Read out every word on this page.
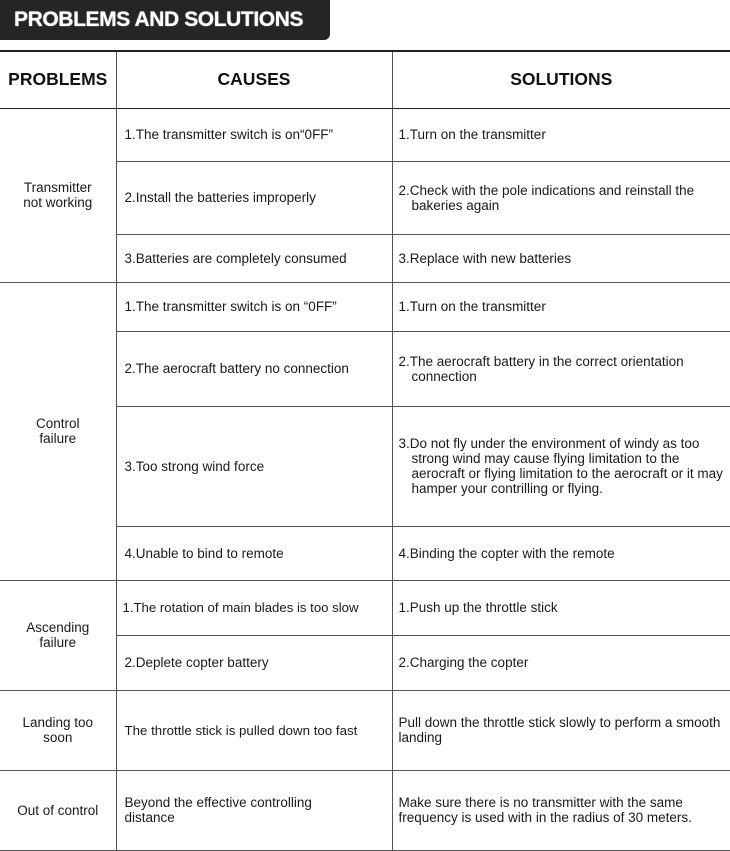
PROBLEMS AND SOLUTIONS
PROBLEMS	CAUSES	SOLUTIONS
Transmitter not working	1.The transmitter switch is on“0FF”	1.Turn on the transmitter

	2.Install the batteries improperly	2.Check with the pole indications and reinstall the bakeries again

	3.Batteries are completely consumed	3.Replace with new batteries

Control failure	1.The transmitter switch is on “0FF”	1.Turn on the transmitter

	2.The aerocraft battery no connection	2.The aerocraft battery in the correct orientation connection

	3.Too strong wind force	3.Do not fly under the environment of windy as too strong wind may cause flying limitation to the aerocraft or flying limitation to the aerocraft or it may hamper your contrilling or flying.

	4.Unable to bind to remote	4.Binding the copter with the remote

Ascending failure	1.The rotation of main blades is too slow	1.Push up the throttle stick

	2.Deplete copter battery	2.Charging the copter

Landing too soon	The throttle stick is pulled down too fast	Pull down the throttle stick slowly to perform a smooth landing
Out of control	Beyond the effective controlling distance	Make sure there is no transmitter with the same frequency is used with in the radius of 30 meters.
